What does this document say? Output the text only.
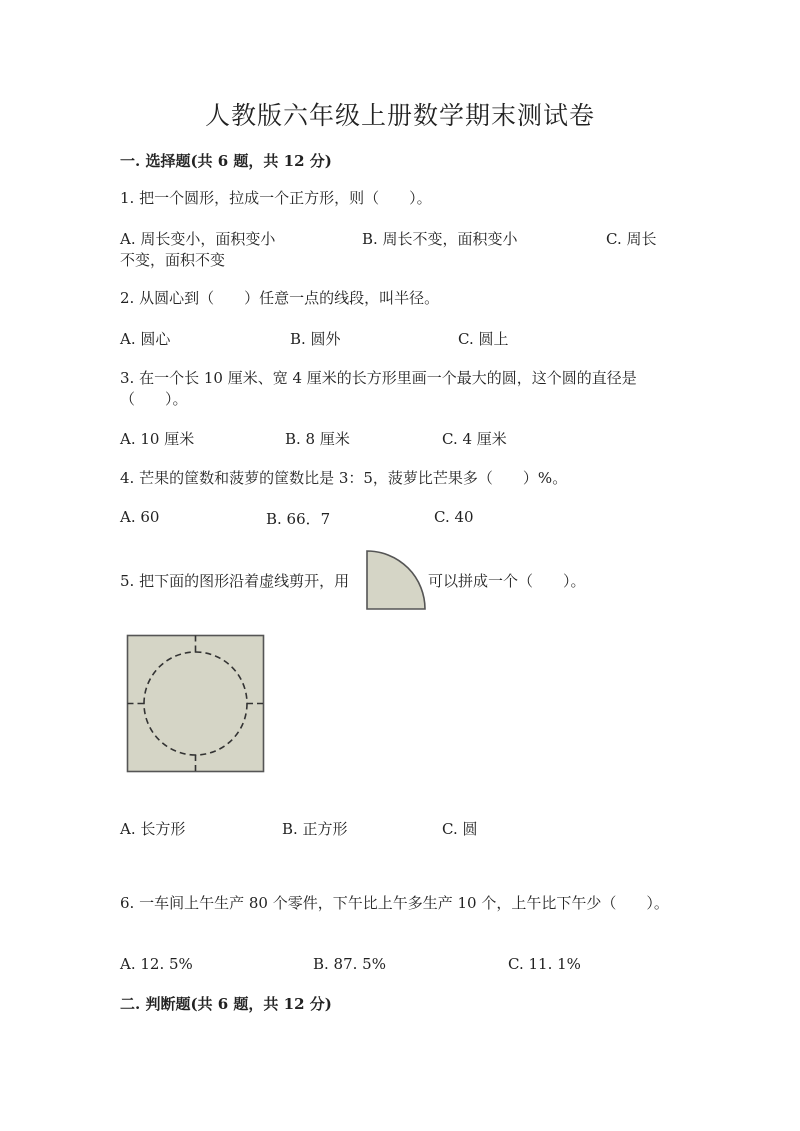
人教版六年级上册数学期末测试卷
一. 选择题(共 6 题，共 12 分)
1. 把一个圆形，拉成一个正方形，则（　　）。
A. 周长变小，面积变小	B. 周长不变，面积变小	C. 周长
不变，面积不变
2. 从圆心到（　　）任意一点的线段，叫半径。
A. 圆心	B. 圆外	C. 圆上
3. 在一个长 10 厘米、宽 4 厘米的长方形里画一个最大的圆，这个圆的直径是（　　）。
A. 10 厘米	B. 8 厘米	C. 4 厘米
4. 芒果的筐数和菠萝的筐数比是 3：5，菠萝比芒果多（　　）%。
A. 60	B. 66．7	C. 40
5. 把下面的图形沿着虚线剪开，用	可以拼成一个（　　）。
A. 长方形	B. 正方形	C. 圆
6. 一车间上午生产 80 个零件，下午比上午多生产 10 个，上午比下午少（　　）。
A. 12. 5%	B. 87. 5%	C. 11. 1%
二. 判断题(共 6 题，共 12 分)
